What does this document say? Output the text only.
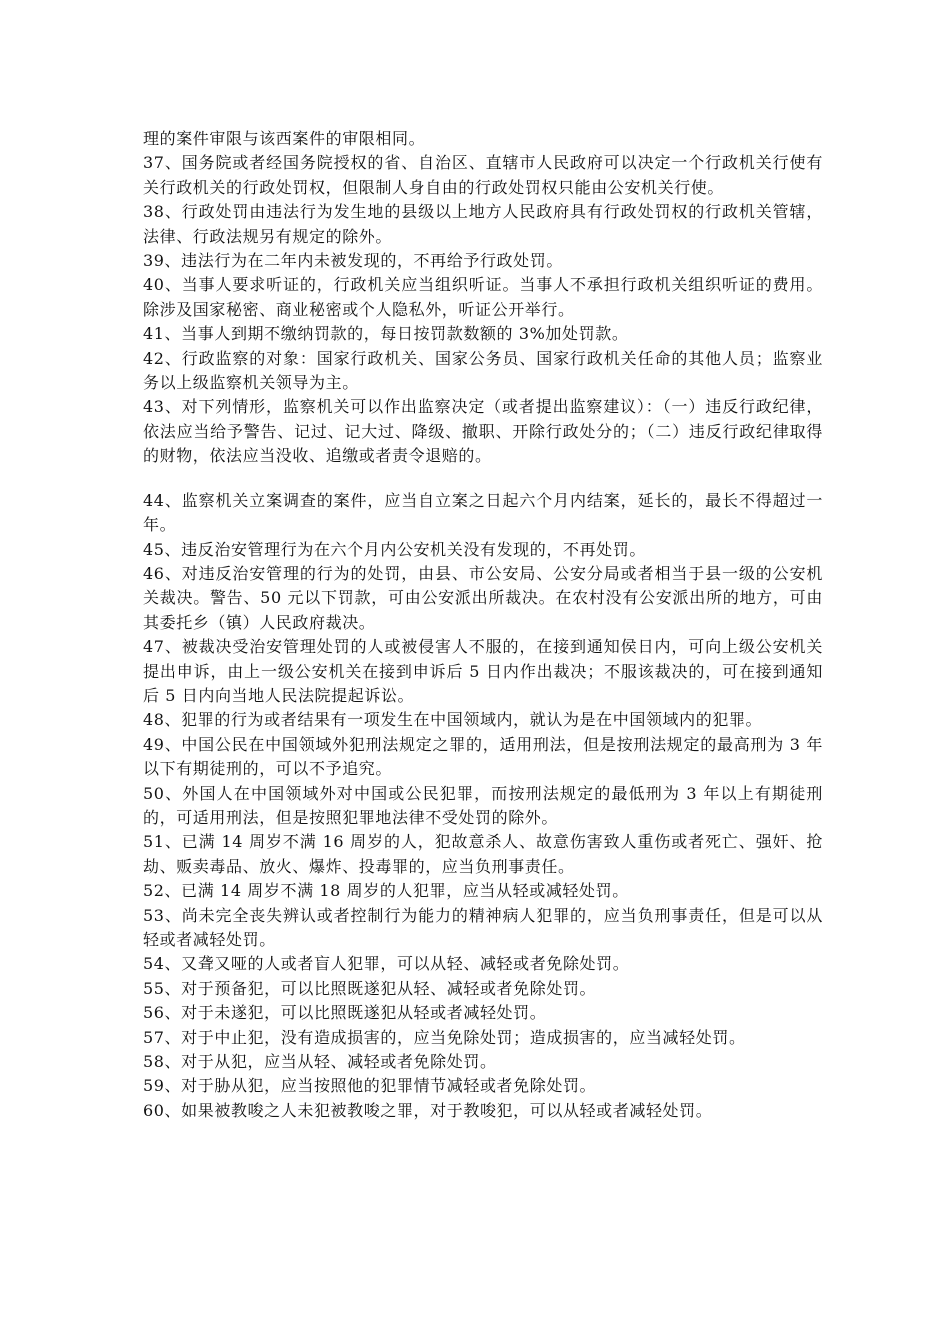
理的案件审限与该西案件的审限相同。

37、国务院或者经国务院授权的省、自治区、直辖市人民政府可以决定一个行政机关行使有关行政机关的行政处罚权，但限制人身自由的行政处罚权只能由公安机关行使。

38、行政处罚由违法行为发生地的县级以上地方人民政府具有行政处罚权的行政机关管辖，法律、行政法规另有规定的除外。

39、违法行为在二年内未被发现的，不再给予行政处罚。

40、当事人要求听证的，行政机关应当组织听证。当事人不承担行政机关组织听证的费用。除涉及国家秘密、商业秘密或个人隐私外，听证公开举行。

41、当事人到期不缴纳罚款的，每日按罚款数额的 3%加处罚款。

42、行政监察的对象：国家行政机关、国家公务员、国家行政机关任命的其他人员；监察业务以上级监察机关领导为主。

43、对下列情形，监察机关可以作出监察决定（或者提出监察建议）：（一）违反行政纪律，依法应当给予警告、记过、记大过、降级、撤职、开除行政处分的；（二）违反行政纪律取得的财物，依法应当没收、追缴或者责令退赔的。

44、监察机关立案调查的案件，应当自立案之日起六个月内结案，延长的，最长不得超过一年。

45、违反治安管理行为在六个月内公安机关没有发现的，不再处罚。

46、对违反治安管理的行为的处罚，由县、市公安局、公安分局或者相当于县一级的公安机关裁决。警告、50 元以下罚款，可由公安派出所裁决。在农村没有公安派出所的地方，可由其委托乡（镇）人民政府裁决。

47、被裁决受治安管理处罚的人或被侵害人不服的，在接到通知侯日内，可向上级公安机关提出申诉，由上一级公安机关在接到申诉后 5 日内作出裁决；不服该裁决的，可在接到通知后 5 日内向当地人民法院提起诉讼。

48、犯罪的行为或者结果有一项发生在中国领域内，就认为是在中国领域内的犯罪。

49、中国公民在中国领域外犯刑法规定之罪的，适用刑法，但是按刑法规定的最高刑为 3 年以下有期徒刑的，可以不予追究。

50、外国人在中国领域外对中国或公民犯罪，而按刑法规定的最低刑为 3 年以上有期徒刑的，可适用刑法，但是按照犯罪地法律不受处罚的除外。

51、已满 14 周岁不满 16 周岁的人，犯故意杀人、故意伤害致人重伤或者死亡、强奸、抢劫、贩卖毒品、放火、爆炸、投毒罪的，应当负刑事责任。

52、已满 14 周岁不满 18 周岁的人犯罪，应当从轻或减轻处罚。

53、尚未完全丧失辨认或者控制行为能力的精神病人犯罪的，应当负刑事责任，但是可以从轻或者减轻处罚。

54、又聋又哑的人或者盲人犯罪，可以从轻、减轻或者免除处罚。

55、对于预备犯，可以比照既遂犯从轻、减轻或者免除处罚。

56、对于未遂犯，可以比照既遂犯从轻或者减轻处罚。

57、对于中止犯，没有造成损害的，应当免除处罚；造成损害的，应当减轻处罚。

58、对于从犯，应当从轻、减轻或者免除处罚。

59、对于胁从犯，应当按照他的犯罪情节减轻或者免除处罚。

60、如果被教唆之人未犯被教唆之罪，对于教唆犯，可以从轻或者减轻处罚。
